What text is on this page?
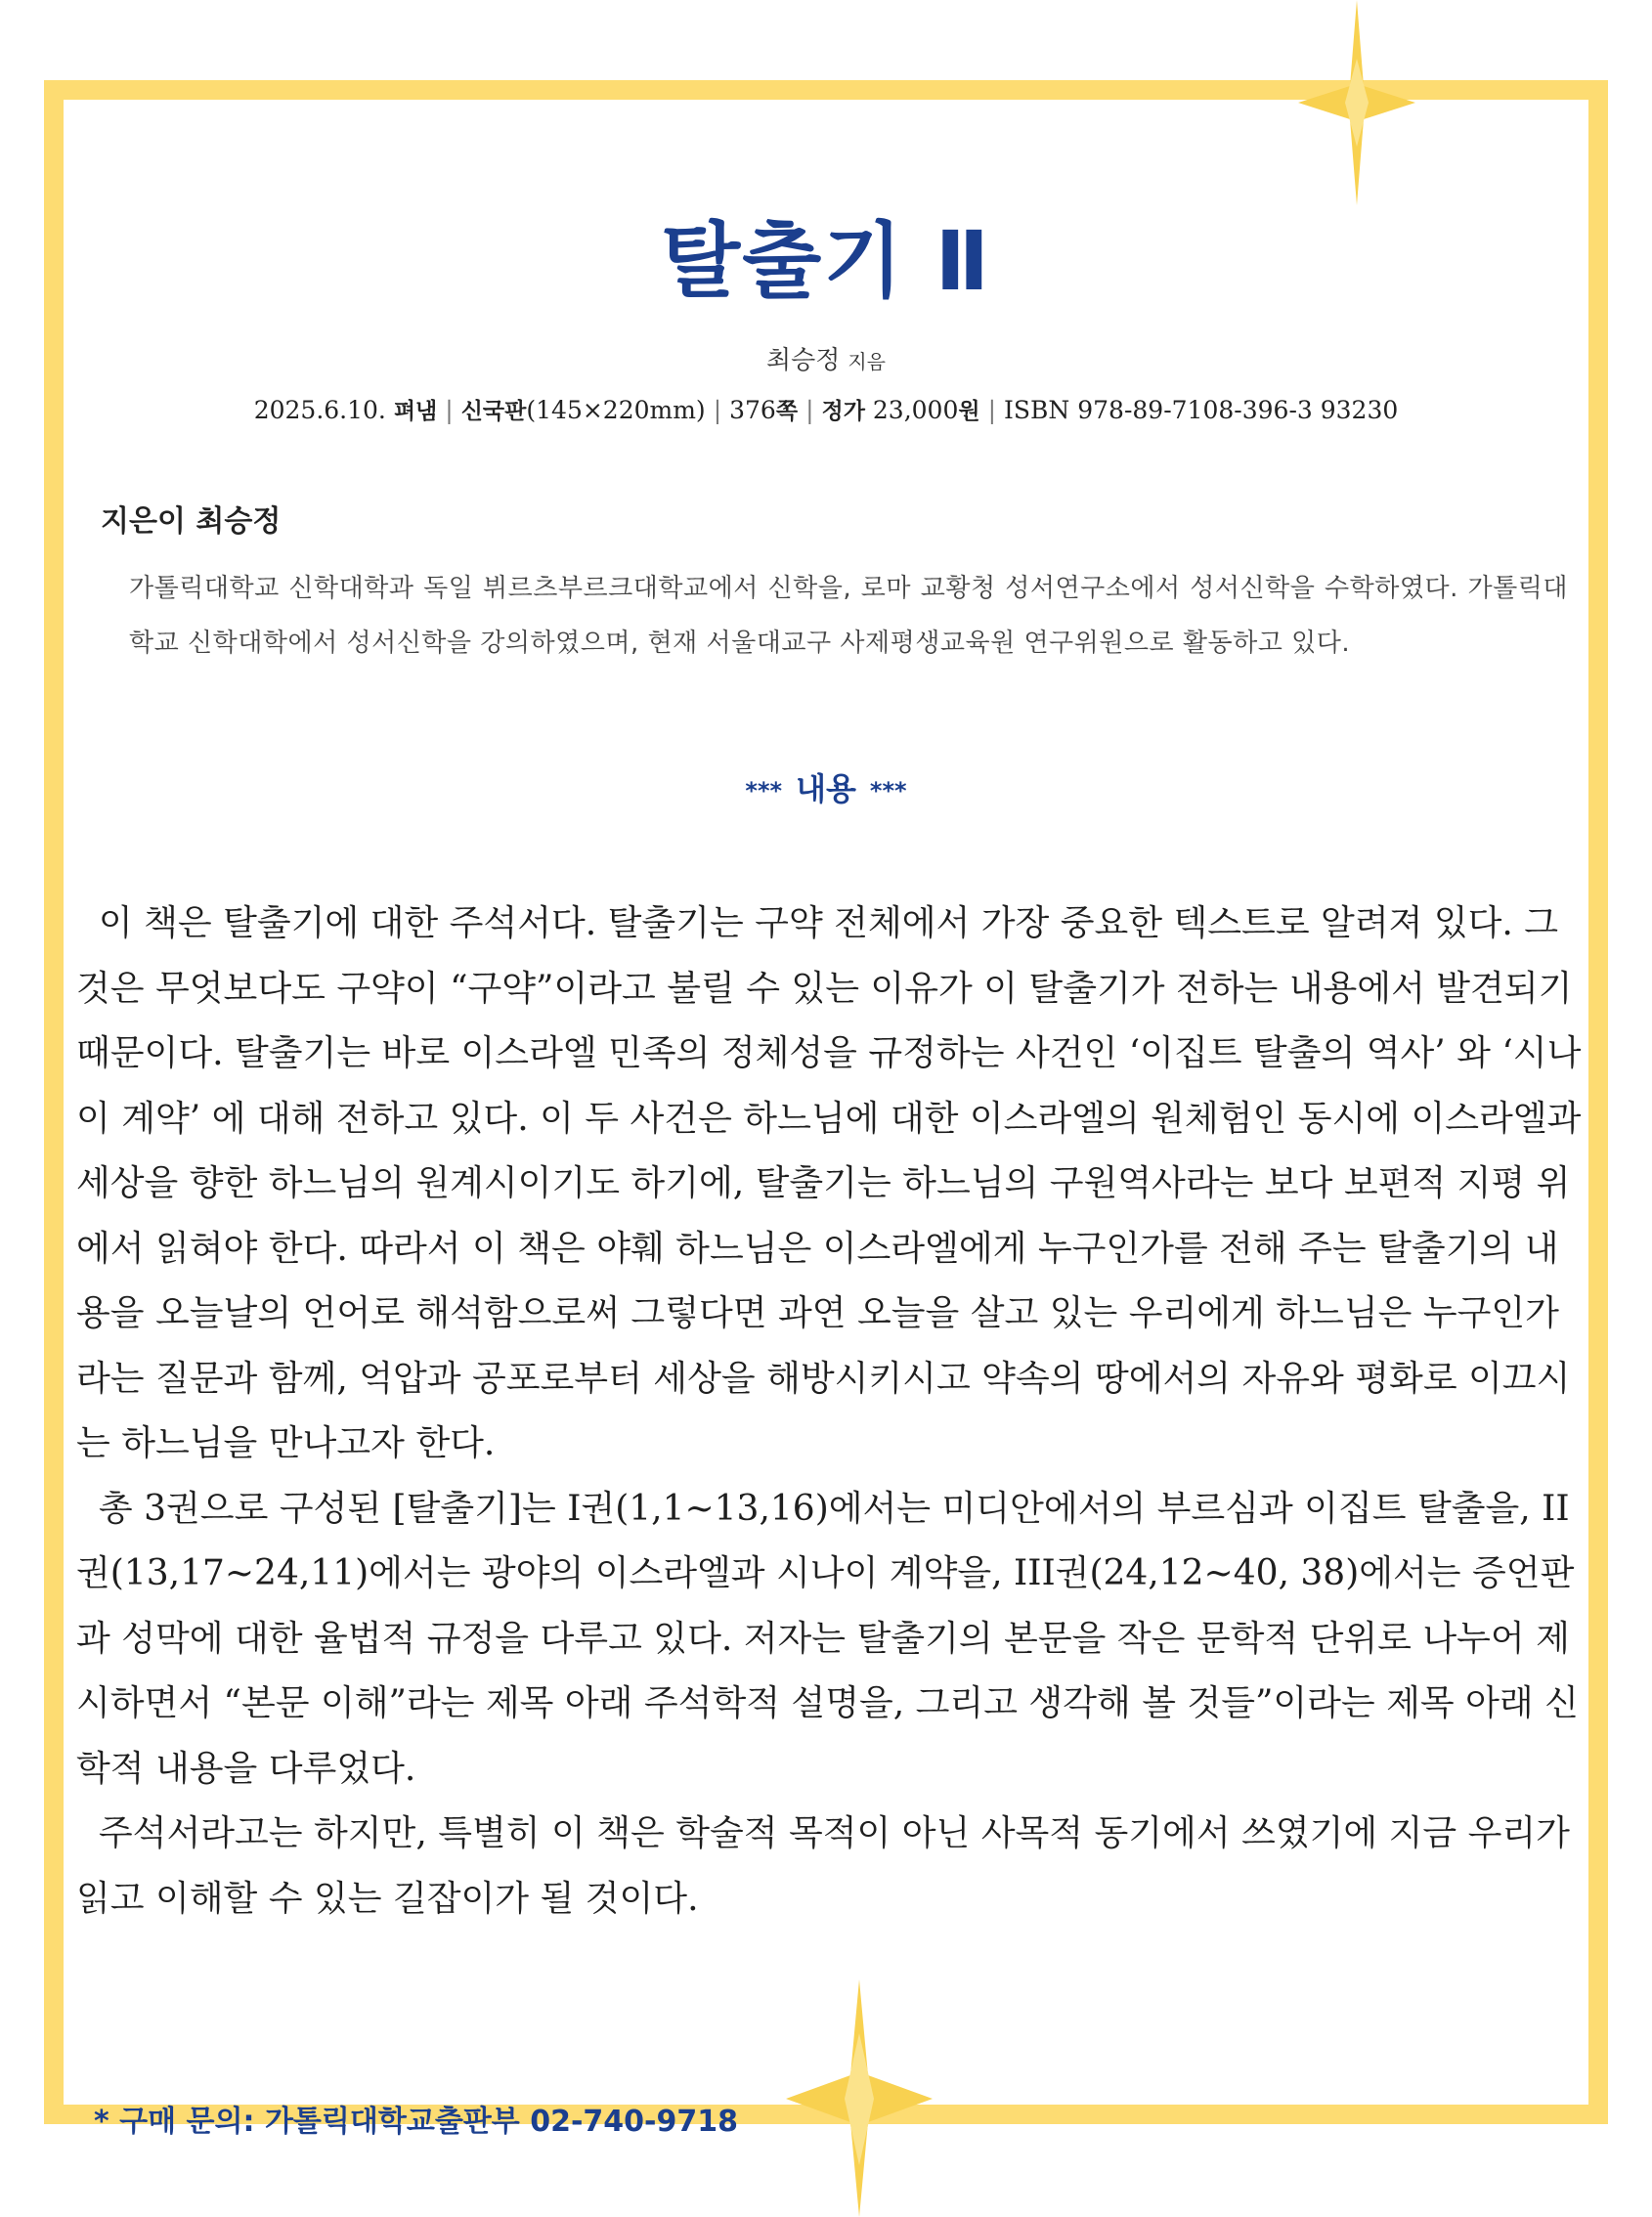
탈출기 Ⅱ
최승정 지음
2025.6.10. 펴냄 | 신국판(145×220mm) | 376쪽 | 정가 23,000원 | ISBN 978-89-7108-396-3 93230
지은이 최승정
가톨릭대학교 신학대학과 독일 뷔르츠부르크대학교에서 신학을, 로마 교황청 성서연구소에서 성서신학을 수학하였다. 가톨릭대학교 신학대학에서 성서신학을 강의하였으며, 현재 서울대교구 사제평생교육원 연구위원으로 활동하고 있다.
*** 내용 ***

이 책은 탈출기에 대한 주석서다. 탈출기는 구약 전체에서 가장 중요한 텍스트로 알려져 있다. 그것은 무엇보다도 구약이 “구약”이라고 불릴 수 있는 이유가 이 탈출기가 전하는 내용에서 발견되기 때문이다. 탈출기는 바로 이스라엘 민족의 정체성을 규정하는 사건인 ‘이집트 탈출의 역사’ 와 ‘시나이 계약’ 에 대해 전하고 있다. 이 두 사건은 하느님에 대한 이스라엘의 원체험인 동시에 이스라엘과 세상을 향한 하느님의 원계시이기도 하기에, 탈출기는 하느님의 구원역사라는 보다 보편적 지평 위에서 읽혀야 한다. 따라서 이 책은 야훼 하느님은 이스라엘에게 누구인가를 전해 주는 탈출기의 내용을 오늘날의 언어로 해석함으로써 그렇다면 과연 오늘을 살고 있는 우리에게 하느님은 누구인가라는 질문과 함께, 억압과 공포로부터 세상을 해방시키시고 약속의 땅에서의 자유와 평화로 이끄시는 하느님을 만나고자 한다.

총 3권으로 구성된 [탈출기]는 I권(1,1~13,16)에서는 미디안에서의 부르심과 이집트 탈출을, II권(13,17~24,11)에서는 광야의 이스라엘과 시나이 계약을, III권(24,12~40, 38)에서는 증언판과 성막에 대한 율법적 규정을 다루고 있다. 저자는 탈출기의 본문을 작은 문학적 단위로 나누어 제시하면서 “본문 이해”라는 제목 아래 주석학적 설명을, 그리고 생각해 볼 것들”이라는 제목 아래 신학적 내용을 다루었다.

주석서라고는 하지만, 특별히 이 책은 학술적 목적이 아닌 사목적 동기에서 쓰였기에 지금 우리가 읽고 이해할 수 있는 길잡이가 될 것이다.

* 구매 문의: 가톨릭대학교출판부 02-740-9718
